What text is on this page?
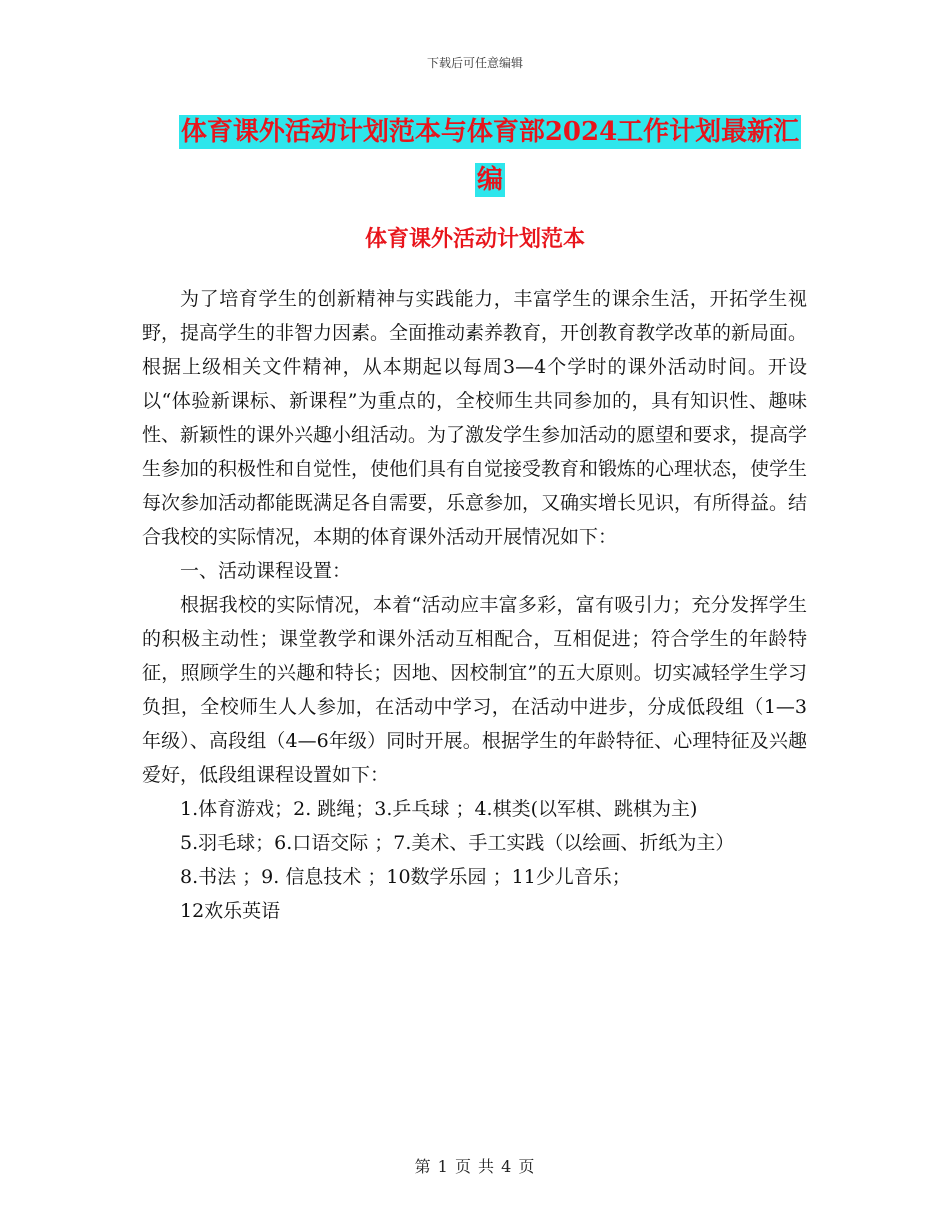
下载后可任意编辑
体育课外活动计划范本与体育部2024工作计划最新汇
编
体育课外活动计划范本

为了培育学生的创新精神与实践能力，丰富学生的课余生活，开拓学生视野，提高学生的非智力因素。全面推动素养教育，开创教育教学改革的新局面。根据上级相关文件精神，从本期起以每周3—4个学时的课外活动时间。开设以“体验新课标、新课程”为重点的，全校师生共同参加的，具有知识性、趣味性、新颖性的课外兴趣小组活动。为了激发学生参加活动的愿望和要求，提高学生参加的积极性和自觉性，使他们具有自觉接受教育和锻炼的心理状态，使学生每次参加活动都能既满足各自需要，乐意参加，又确实增长见识，有所得益。结合我校的实际情况，本期的体育课外活动开展情况如下：

一、活动课程设置：

根据我校的实际情况，本着“活动应丰富多彩，富有吸引力；充分发挥学生的积极主动性；课堂教学和课外活动互相配合，互相促进；符合学生的年龄特征，照顾学生的兴趣和特长；因地、因校制宜”的五大原则。切实减轻学生学习负担，全校师生人人参加，在活动中学习，在活动中进步，分成低段组（1—3年级）、高段组（4—6年级）同时开展。根据学生的年龄特征、心理特征及兴趣爱好，低段组课程设置如下：

1.体育游戏；2. 跳绳；3.乒乓球 ；4.棋类(以军棋、跳棋为主)

5.羽毛球；6.口语交际 ；7.美术、手工实践（以绘画、折纸为主）

8.书法 ；9. 信息技术 ；10数学乐园 ；11少儿音乐；

12欢乐英语

第 1 页 共 4 页
